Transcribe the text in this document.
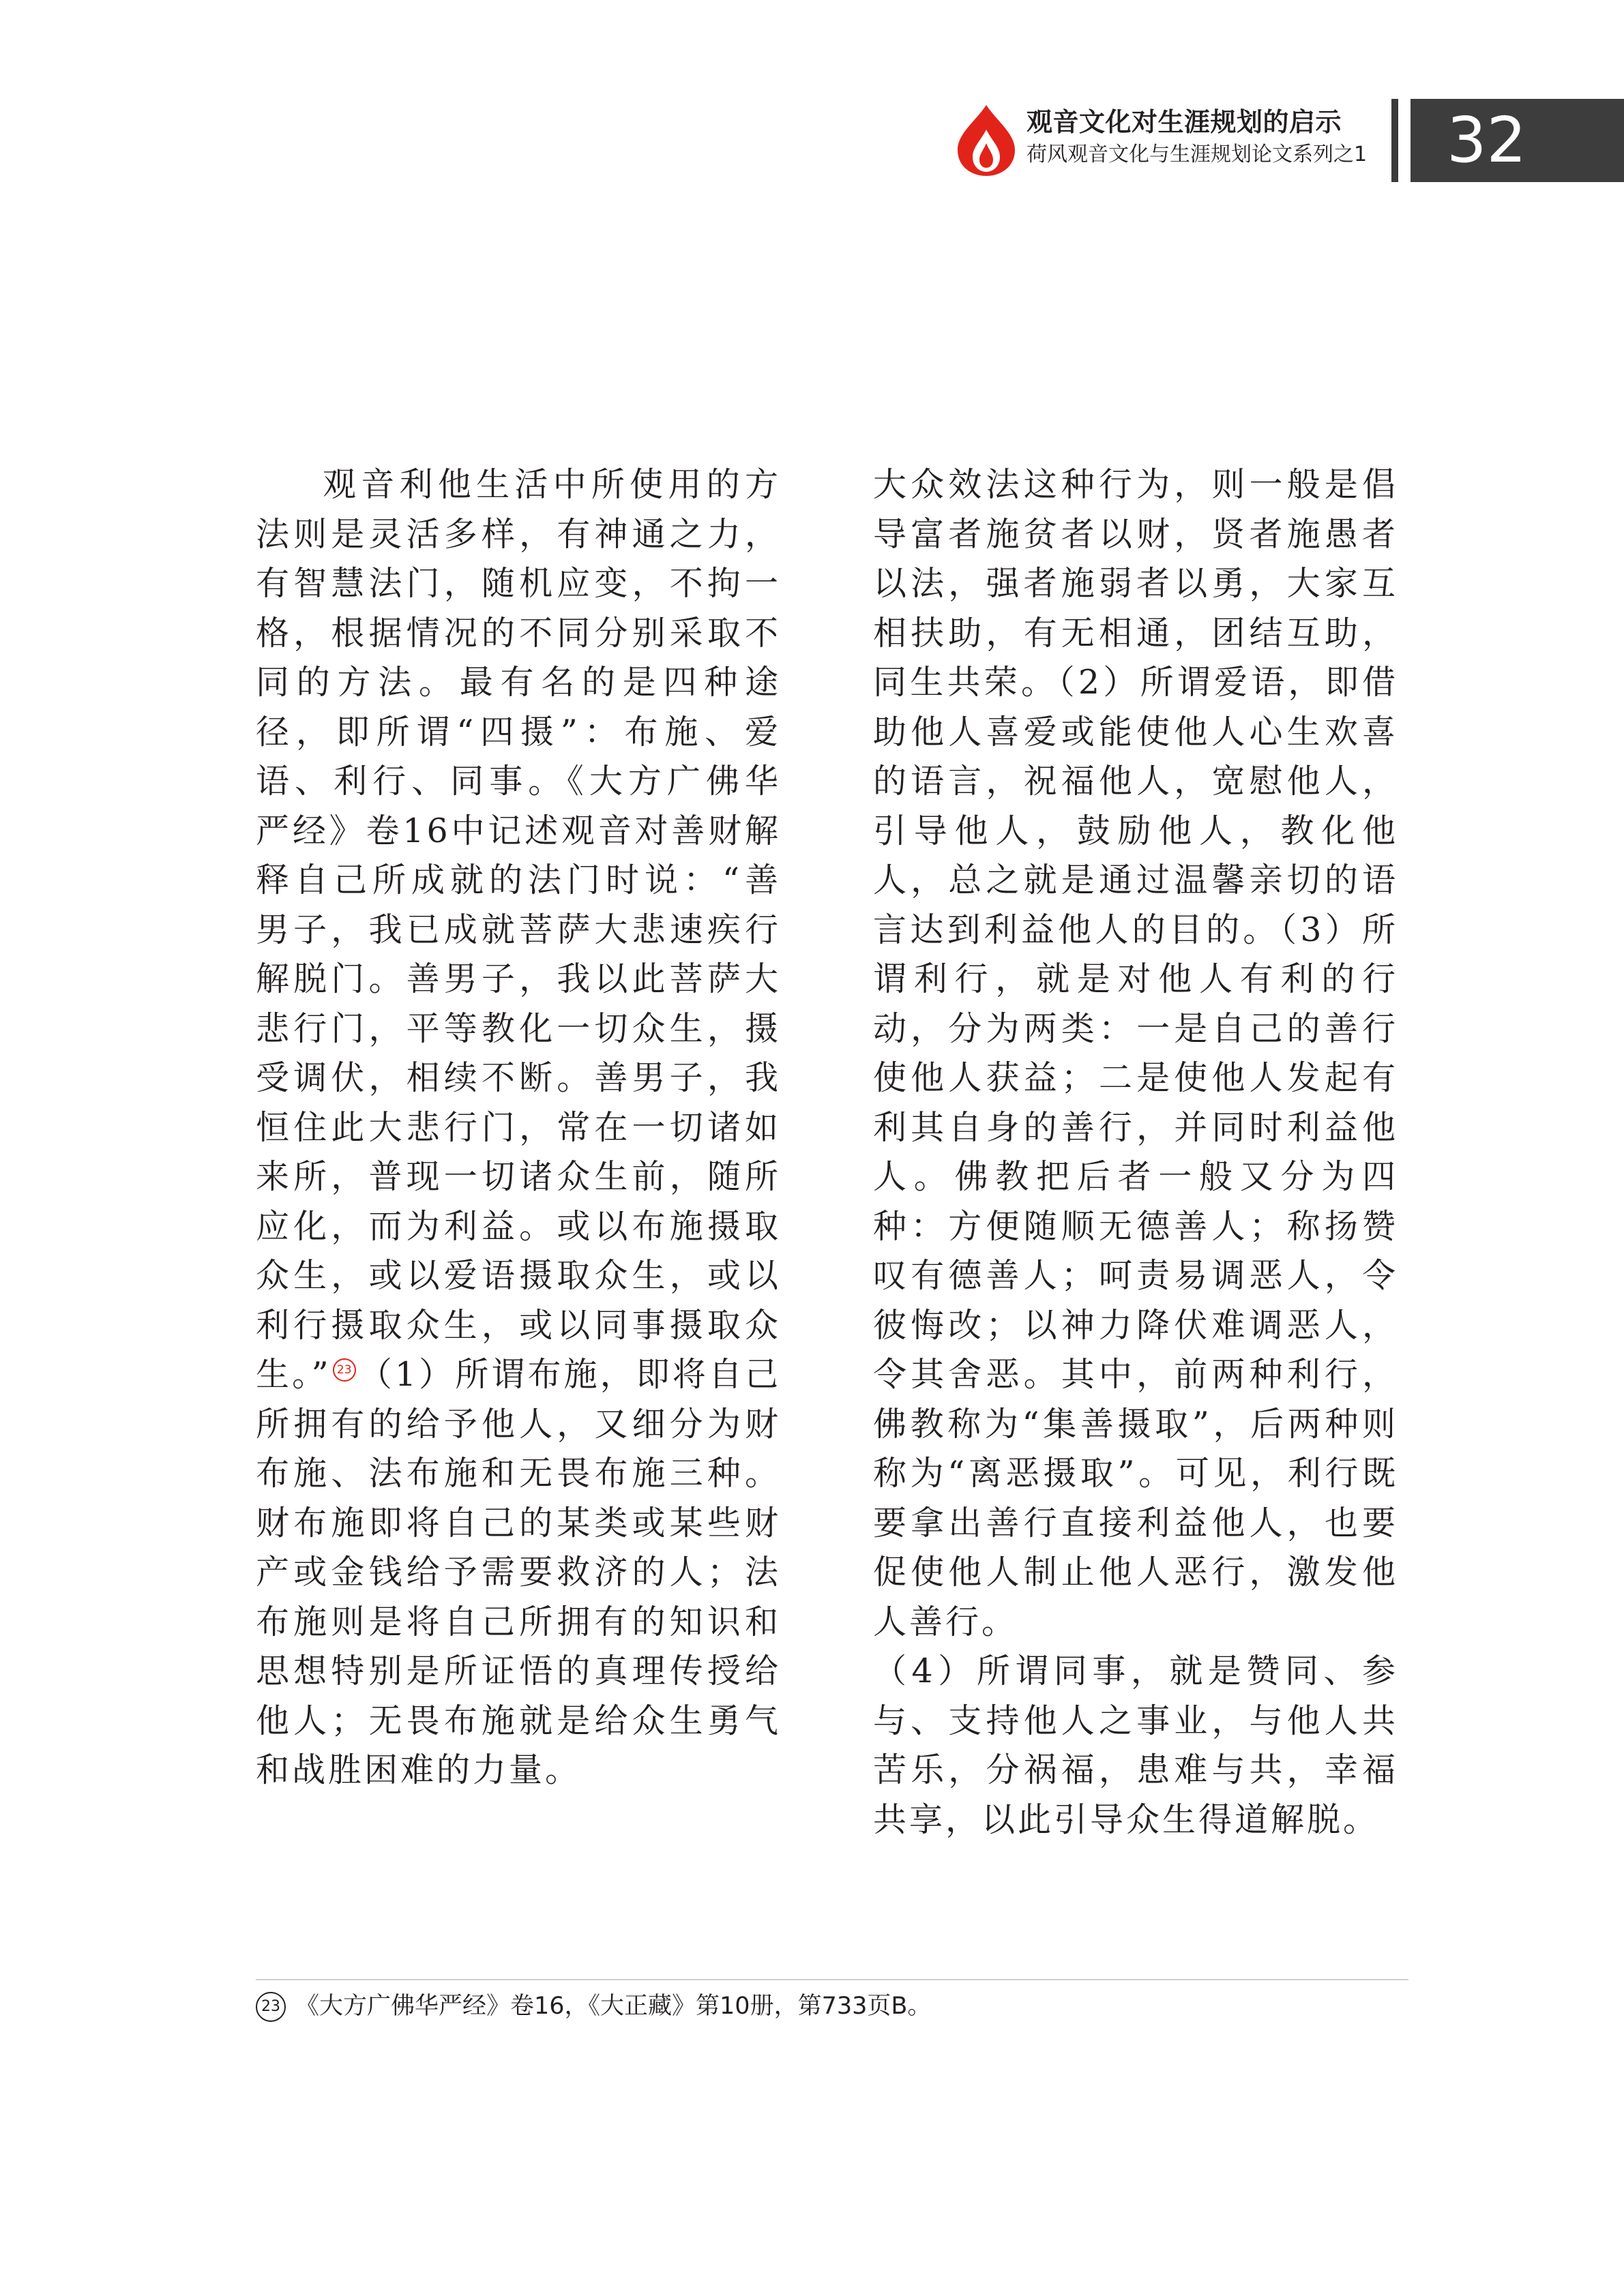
观音文化对生涯规划的启示
荷风观音文化与生涯规划论文系列之1	32

观音利他生活中所使用的方法则是灵活多样，有神通之力，有智慧法门，随机应变，不拘一格，根据情况的不同分别采取不同的方法。最有名的是四种途径，即所谓“四摄”：布施、爱语、利行、同事。《大方广佛华严经》卷16中记述观音对善财解释自己所成就的法门时说：“善男子，我已成就菩萨大悲速疾行解脱门。善男子，我以此菩萨大悲行门，平等教化一切众生，摄受调伏，相续不断。善男子，我恒住此大悲行门，常在一切诸如来所，普现一切诸众生前，随所应化，而为利益。或以布施摄取众生，或以爱语摄取众生，或以利行摄取众生，或以同事摄取众生。” 23 （1）所谓布施，即将自己所拥有的给予他人，又细分为财布施、法布施和无畏布施三种。财布施即将自己的某类或某些财产或金钱给予需要救济的人；法布施则是将自己所拥有的知识和思想特别是所证悟的真理传授给他人；无畏布施就是给众生勇气和战胜困难的力量。

大众效法这种行为，则一般是倡导富者施贫者以财，贤者施愚者以法，强者施弱者以勇，大家互相扶助，有无相通，团结互助，同生共荣。（2）所谓爱语，即借助他人喜爱或能使他人心生欢喜的语言，祝福他人，宽慰他人，引导他人，鼓励他人，教化他人，总之就是通过温馨亲切的语言达到利益他人的目的。（3）所谓利行，就是对他人有利的行动，分为两类：一是自己的善行使他人获益；二是使他人发起有利其自身的善行，并同时利益他人。佛教把后者一般又分为四种：方便随顺无德善人；称扬赞叹有德善人；呵责易调恶人，令彼悔改；以神力降伏难调恶人，令其舍恶。其中，前两种利行，佛教称为“集善摄取”，后两种则称为“离恶摄取”。可见，利行既要拿出善行直接利益他人，也要促使他人制止他人恶行，激发他人善行。

（4）所谓同事，就是赞同、参与、支持他人之事业，与他人共苦乐，分祸福，患难与共，幸福共享，以此引导众生得道解脱。

23 《大方广佛华严经》卷16，《大正藏》第10册，第733页B。
